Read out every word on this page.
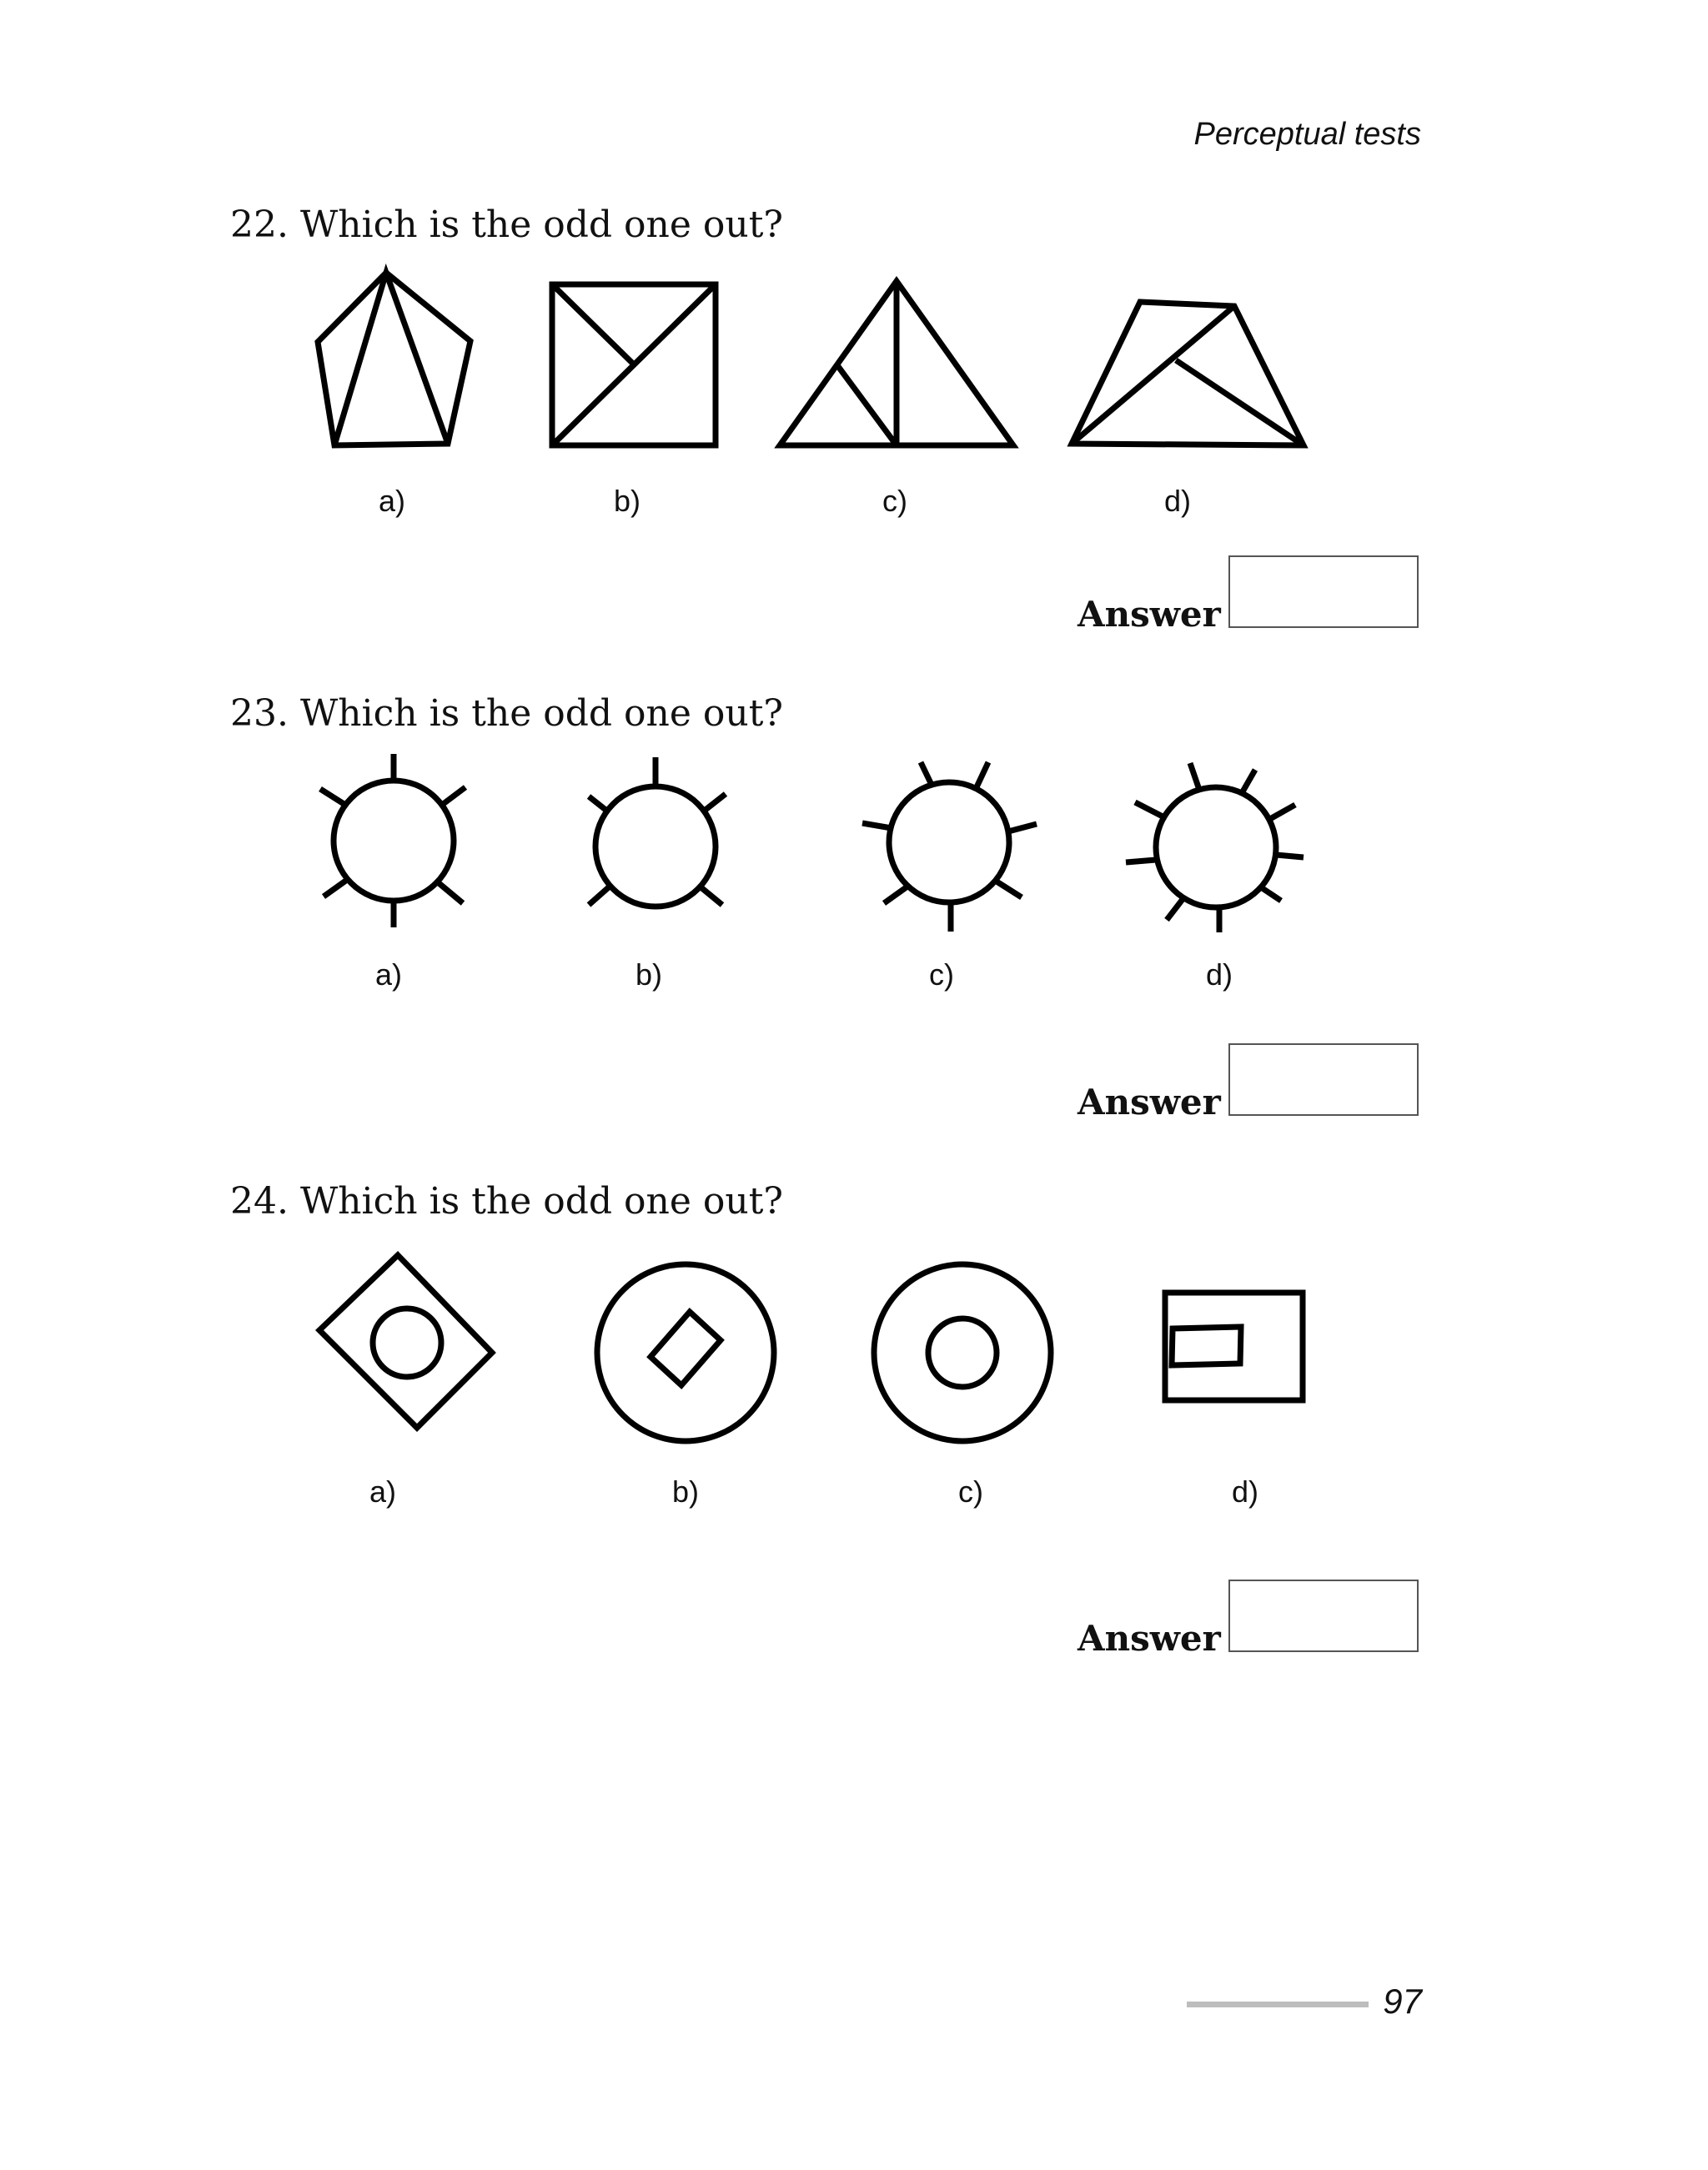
Perceptual tests
22. Which is the odd one out?
a)	b)	c)	d)
Answer
23. Which is the odd one out?
a)	b)	c)	d)
Answer
24. Which is the odd one out?
a)	b)	c)	d)
Answer
97
